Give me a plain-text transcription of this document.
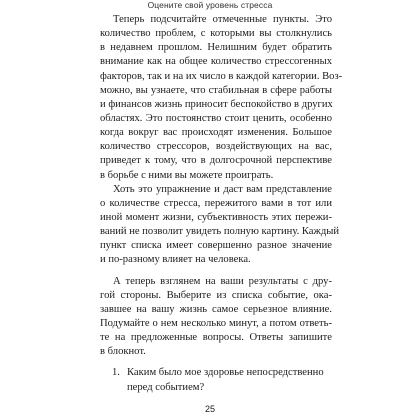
Оцените свой уровень стресса
Теперь подсчитайте отмеченные пункты. Это
количество проблем, с которыми вы столкнулись
в недавнем прошлом. Нелишним будет обратить
внимание как на общее количество стрессогенных
факторов, так и на их число в каждой категории. Воз-
можно, вы узнаете, что стабильная в сфере работы
и финансов жизнь приносит беспокойство в других
областях. Это постоянство стоит ценить, особенно
когда вокруг вас происходят изменения. Большое
количество стрессоров, воздействующих на вас,
приведет к тому, что в долгосрочной перспективе
в борьбе с ними вы можете проиграть.
Хоть это упражнение и даст вам представление
о количестве стресса, пережитого вами в тот или
иной момент жизни, субъективность этих пережи-
ваний не позволит увидеть полную картину. Каждый
пункт списка имеет совершенно разное значение
и по-разному влияет на человека.
А теперь взглянем на ваши результаты с дру-
гой стороны. Выберите из списка событие, ока-
завшее на вашу жизнь самое серьезное влияние.
Подумайте о нем несколько минут, а потом ответь-
те на предложенные вопросы. Ответы запишите
в блокнот.
1. Каким было мое здоровье непосредственно
перед событием?
25
